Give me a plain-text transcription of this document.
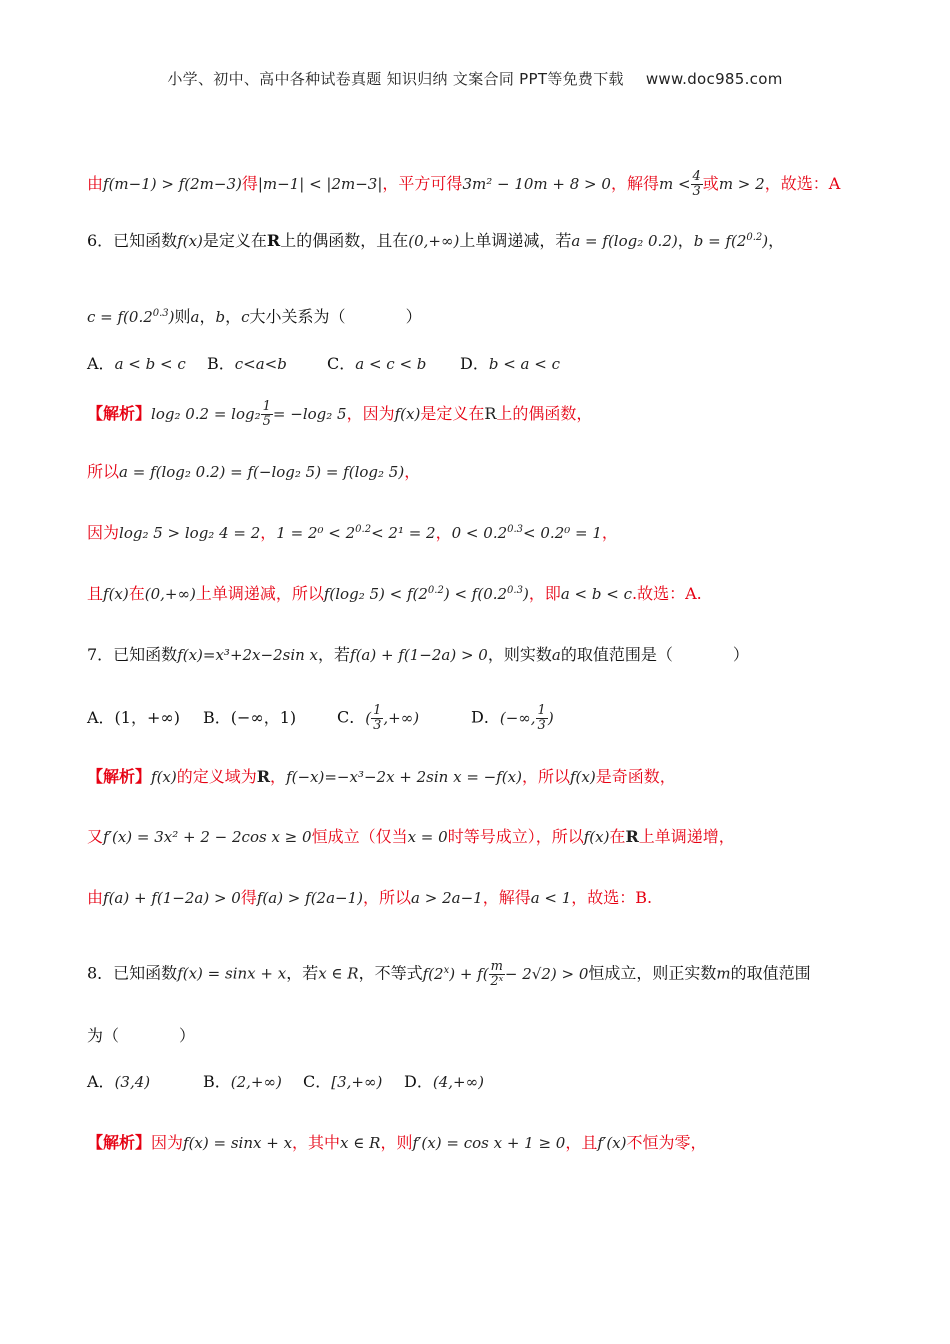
小学、初中、高中各种试卷真题 知识归纳 文案合同 PPT等免费下载 www.doc985.com
由f(m−1) > f(2m−3)得|m−1| < |2m−3|，平方可得3m² − 10m + 8 > 0，解得$m < \frac{4}{3}$ 或m > 2，故选：A
6．已知函数f(x)是定义在R上的偶函数，且在(0,+∞)上单调递减，若a = f(log₂ 0.2)，$b = f(2^{0.2})$，
$c = f(0.2^{0.3})$则a，b，c大小关系为（	）
A．a < b < c B．c<a<b	C．a < c < b D．b < a < c
【解析】log₂ $0.2 = \log_2 \frac{1}{5} = -\log_2$ 5，因为f(x)是定义在R上的偶函数，
所以a = f(log₂ 0.2) = f(−log₂ 5) = f(log₂ 5)，
因为log₂ 5 > log₂ 4 = 2，$1 = 2^0 < 2^{0.2}< 2^1 = 2$，$0 < 0.2^{0.3}< 0.2^0 = 1$，
且f(x)在(0,+∞)上单调递减，所以f(log₂ $5) < f(2^{0.2}) < f(0.2^{0.3})$，即a < b < c.故选：A.
7．已知函数f(x)=x³+2x−2sin x，若f(a) + f(1−2a) > 0，则实数a的取值范围是（	）
A．(1，+∞) B．(−∞，1)	C．( $\frac{1}{3}$ ,+∞)	D．(−∞, $\frac{1}{3}$ )
【解析】f(x)的定义域为R，f(−x)=−x³−2x + 2sin x = −f(x)，所以f(x)是奇函数，
又f′(x) = 3x² + 2 − 2cos x ≥ 0恒成立（仅当x = 0时等号成立），所以f(x)在R上单调递增，
由f(a) + f(1−2a) > 0得f(a) > f(2a−1)，所以a > 2a−1，解得a < 1，故选：B.
8．已知函数f(x) = sinx + x，若x ∈ R，不等式$f(2^x) + f( \frac{m}{\text{2ˣ}} - 2√2) > 0$恒成立，则正实数m的取值范围
为（	）
A．(3,4)	B．(2,+∞) C．[3,+∞) D．(4,+∞)
【解析】因为f(x) = sinx + x，其中x ∈ R，则f′(x) = cos x + 1 ≥ 0，且f′(x)不恒为零，
